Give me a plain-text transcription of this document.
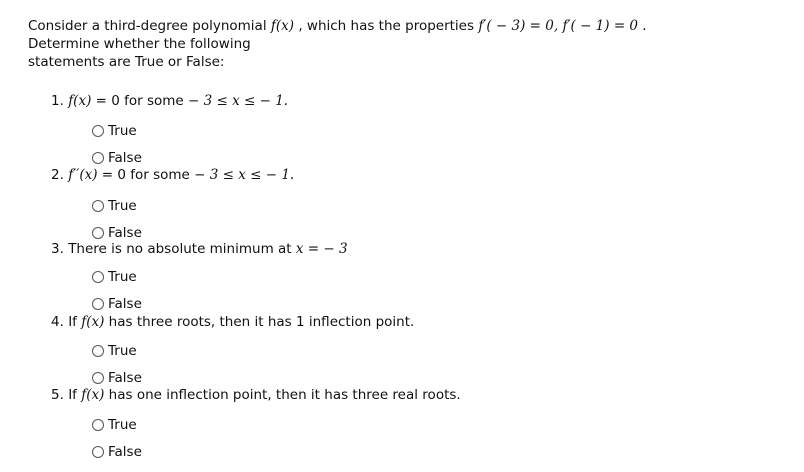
Consider a third-degree polynomial f(𝑥) , which has the properties f′( − 3) = 0, f′( − 1) = 0 .
Determine whether the following
statements are True or False:
1. f(𝑥) = 0 for some − 3 ≤ 𝑥 ≤ − 1.
True
False
2. f′′(𝑥) = 0 for some − 3 ≤ 𝑥 ≤ − 1.
True
False
3. There is no absolute minimum at 𝑥 = − 3
True
False
4. If f(𝑥) has three roots, then it has 1 inflection point.
True
False
5. If f(𝑥) has one inflection point, then it has three real roots.
True
False
